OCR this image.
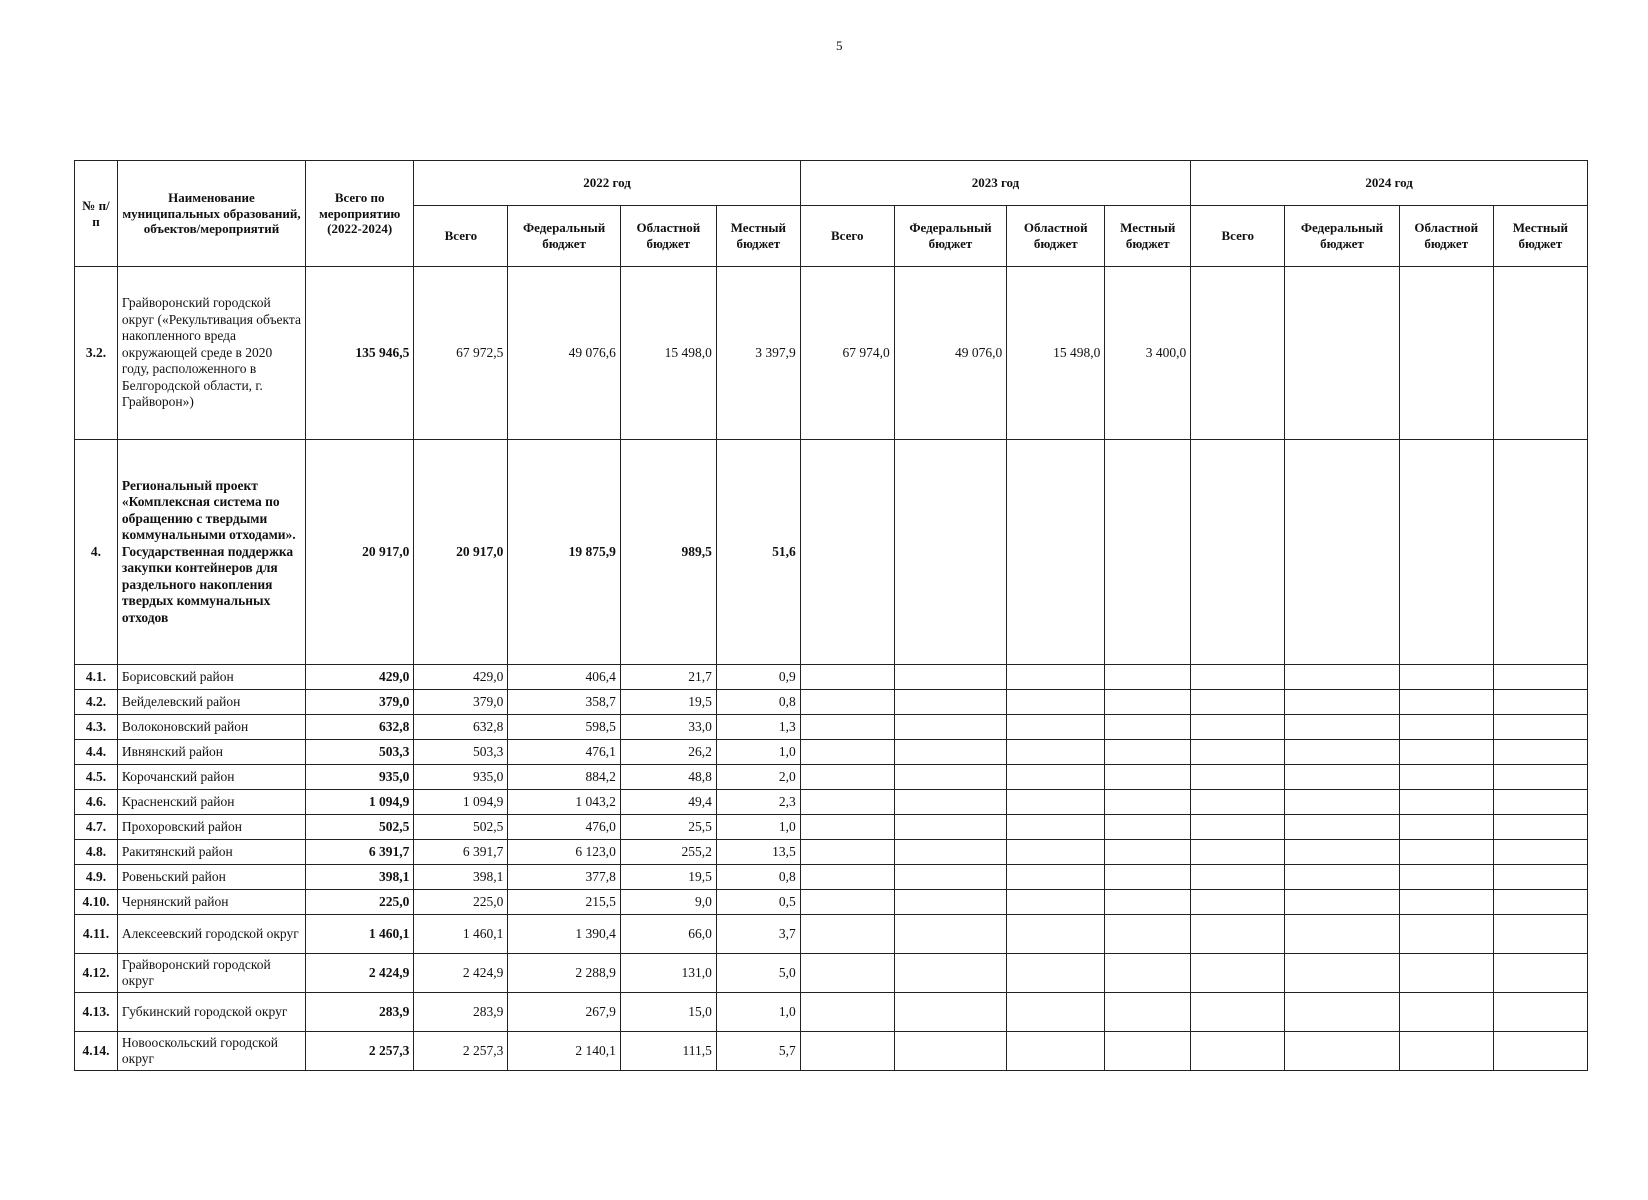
5
№ п/п	Наименование муниципальных образований, объектов/мероприятий	Всего по мероприятию (2022-2024)	2022 год				2023 год				2024 год			
			Всего	Федеральный бюджет	Областной бюджет	Местный бюджет	Всего	Федеральный бюджет	Областной бюджет	Местный бюджет	Всего	Федеральный бюджет	Областной бюджет	Местный бюджет
3.2.	Грайворонский городской округ («Рекультивация объекта накопленного вреда окружающей среде в 2020 году, расположенного в Белгородской области, г. Грайворон»)	135 946,5	67 972,5	49 076,6	15 498,0	3 397,9	67 974,0	49 076,0	15 498,0	3 400,0				
4.	Региональный проект «Комплексная система по обращению с твердыми коммунальными отходами». Государственная поддержка закупки контейнеров для раздельного накопления твердых коммунальных отходов	20 917,0	20 917,0	19 875,9	989,5	51,6								
4.1.	Борисовский район	429,0	429,0	406,4	21,7	0,9								
4.2.	Вейделевский район	379,0	379,0	358,7	19,5	0,8								
4.3.	Волоконовский район	632,8	632,8	598,5	33,0	1,3								
4.4.	Ивнянский район	503,3	503,3	476,1	26,2	1,0								
4.5.	Корочанский район	935,0	935,0	884,2	48,8	2,0								
4.6.	Красненский район	1 094,9	1 094,9	1 043,2	49,4	2,3								
4.7.	Прохоровский район	502,5	502,5	476,0	25,5	1,0								
4.8.	Ракитянский район	6 391,7	6 391,7	6 123,0	255,2	13,5								
4.9.	Ровеньский район	398,1	398,1	377,8	19,5	0,8								
4.10.	Чернянский район	225,0	225,0	215,5	9,0	0,5								
4.11.	Алексеевский городской округ	1 460,1	1 460,1	1 390,4	66,0	3,7								
4.12.	Грайворонский городской округ	2 424,9	2 424,9	2 288,9	131,0	5,0								
4.13.	Губкинский городской округ	283,9	283,9	267,9	15,0	1,0								
4.14.	Новооскольский городской округ	2 257,3	2 257,3	2 140,1	111,5	5,7								
